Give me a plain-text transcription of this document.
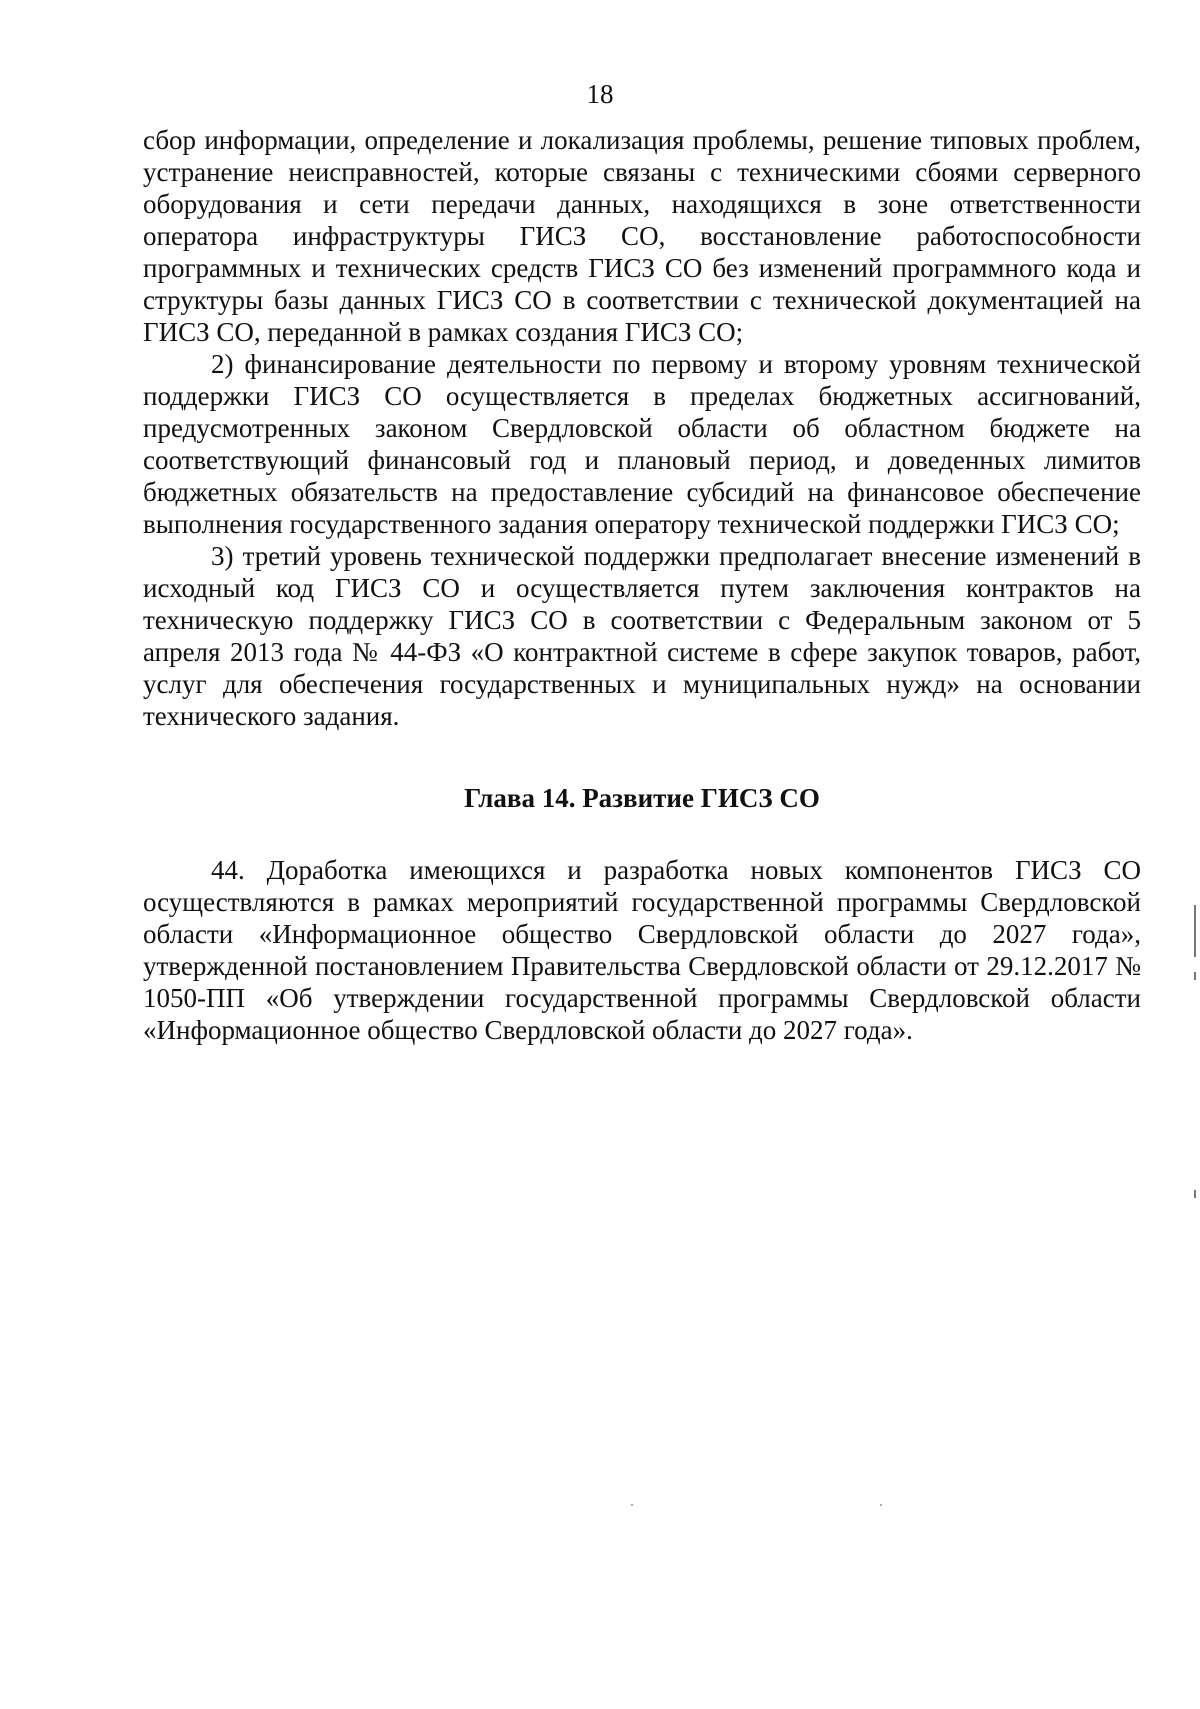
18

сбор информации, определение и локализация проблемы, решение типовых проблем, устранение неисправностей, которые связаны с техническими сбоями серверного оборудования и сети передачи данных, находящихся в зоне ответственности оператора инфраструктуры ГИСЗ СО, восстановление работоспособности программных и технических средств ГИСЗ СО без изменений программного кода и структуры базы данных ГИСЗ СО в соответствии с технической документацией на ГИСЗ СО, переданной в рамках создания ГИСЗ СО;

2) финансирование деятельности по первому и второму уровням технической поддержки ГИСЗ СО осуществляется в пределах бюджетных ассигнований, предусмотренных законом Свердловской области об областном бюджете на соответствующий финансовый год и плановый период, и доведенных лимитов бюджетных обязательств на предоставление субсидий на финансовое обеспечение выполнения государственного задания оператору технической поддержки ГИСЗ СО;

3) третий уровень технической поддержки предполагает внесение изменений в исходный код ГИСЗ СО и осуществляется путем заключения контрактов на техническую поддержку ГИСЗ СО в соответствии с Федеральным законом от 5 апреля 2013 года № 44-ФЗ «О контрактной системе в сфере закупок товаров, работ, услуг для обеспечения государственных и муниципальных нужд» на основании технического задания.

Глава 14. Развитие ГИСЗ СО

44. Доработка имеющихся и разработка новых компонентов ГИСЗ СО осуществляются в рамках мероприятий государственной программы Свердловской области «Информационное общество Свердловской области до 2027 года», утвержденной постановлением Правительства Свердловской области от 29.12.2017 № 1050-ПП «Об утверждении государственной программы Свердловской области «Информационное общество Свердловской области до 2027 года».
